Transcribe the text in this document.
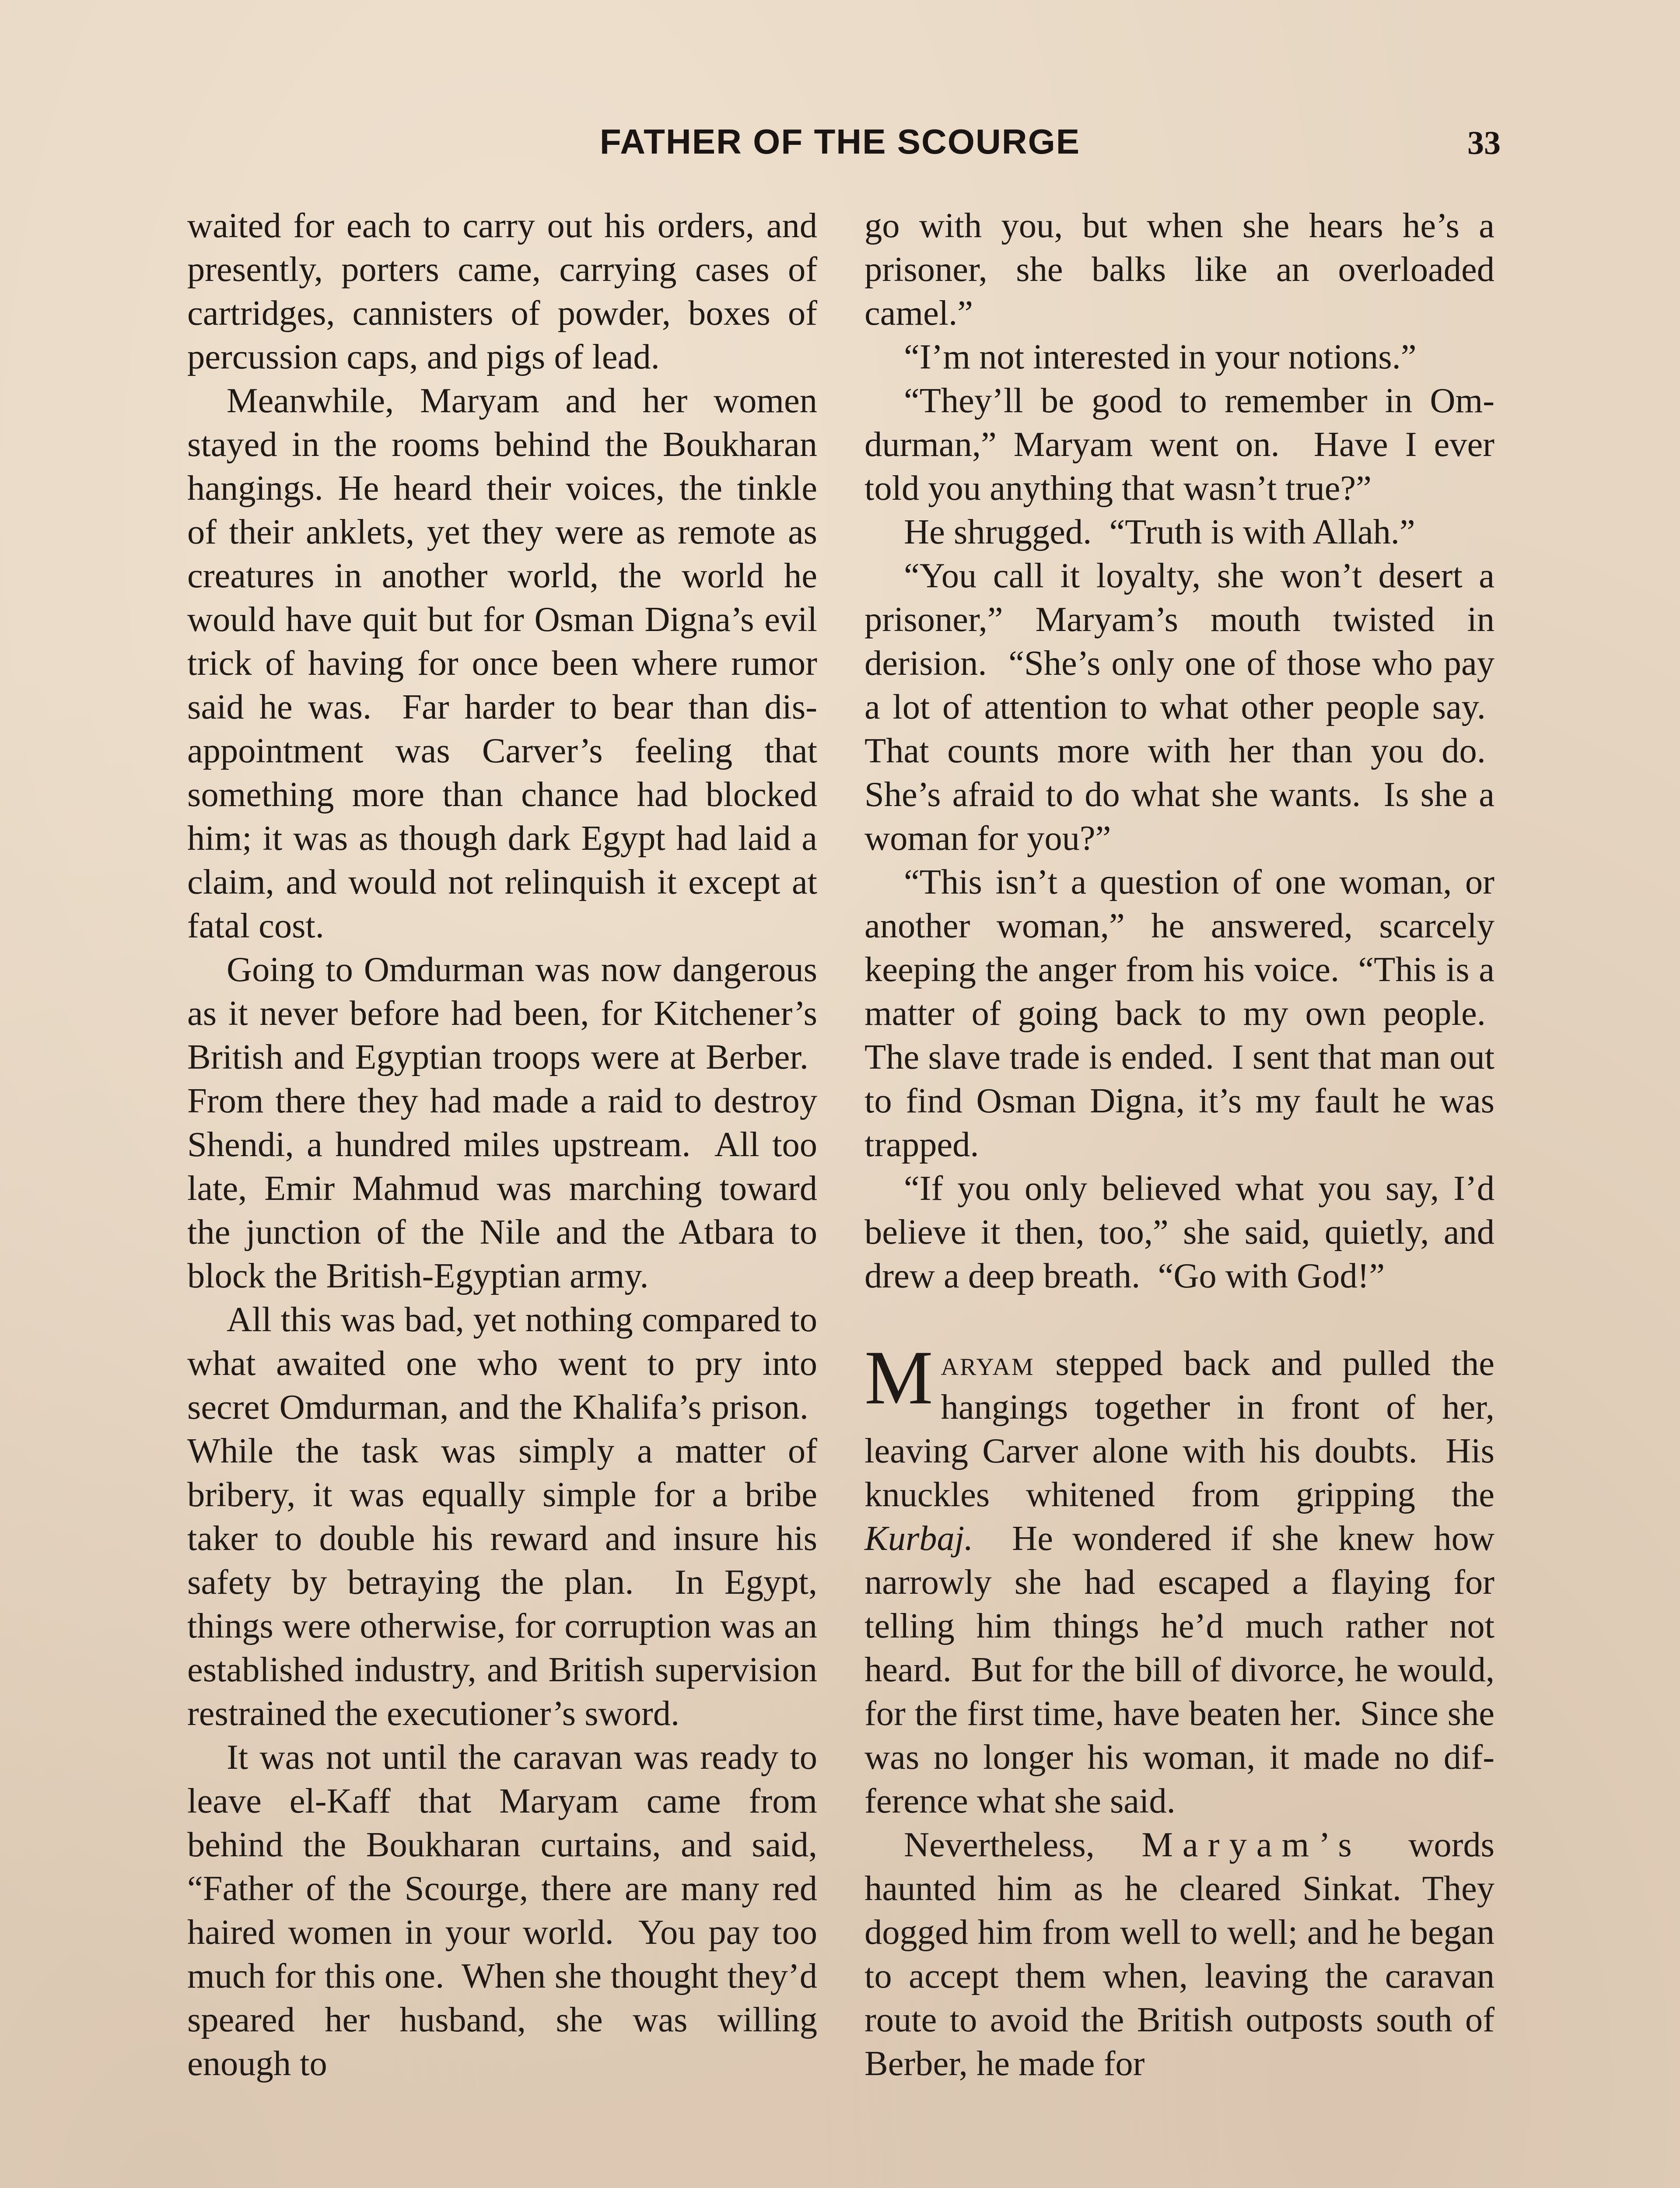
FATHER OF THE SCOURGE	33

waited for each to carry out his orders, and presently, porters came, carrying cases of cartridges, cannisters of powder, boxes of percussion caps, and pigs of lead.

Meanwhile, Maryam and her women stayed in the rooms behind the Boukharan hangings. He heard their voices, the tinkle of their anklets, yet they were as remote as creatures in another world, the world he would have quit but for Osman Digna’s evil trick of having for once been where rumor said he was.  Far harder to bear than disappointment was Carver’s feeling that something more than chance had blocked him; it was as though dark Egypt had laid a claim, and would not relinquish it except at fatal cost.

Going to Omdurman was now dangerous as it never before had been, for Kitchener’s British and Egyptian troops were at Berber.  From there they had made a raid to destroy Shendi, a hundred miles upstream.  All too late, Emir Mahmud was marching toward the junction of the Nile and the Atbara to block the British-Egyptian army.

All this was bad, yet nothing compared to what awaited one who went to pry into secret Omdurman, and the Khalifa’s prison.  While the task was simply a matter of bribery, it was equally simple for a bribe taker to double his reward and insure his safety by betraying the plan.  In Egypt, things were otherwise, for corruption was an established industry, and British supervision restrained the executioner’s sword.

It was not until the caravan was ready to leave el-Kaff that Maryam came from behind the Boukharan curtains, and said, “Father of the Scourge, there are many red haired women in your world.  You pay too much for this one.  When she thought they’d speared her husband, she was willing enough to

go with you, but when she hears he’s a prisoner, she balks like an overloaded camel.”

“I’m not interested in your notions.”

“They’ll be good to remember in Omdurman,” Maryam went on.  Have I ever told you anything that wasn’t true?”

He shrugged.  “Truth is with Allah.”

“You call it loyalty, she won’t desert a prisoner,” Maryam’s mouth twisted in derision.  “She’s only one of those who pay a lot of attention to what other people say.  That counts more with her than you do.  She’s afraid to do what she wants.  Is she a woman for you?”

“This isn’t a question of one woman, or another woman,” he answered, scarcely keeping the anger from his voice.  “This is a matter of going back to my own people.  The slave trade is ended.  I sent that man out to find Osman Digna, it’s my fault he was trapped.

“If you only believed what you say, I’d believe it then, too,” she said, quietly, and drew a deep breath.  “Go with God!”

Maryam stepped back and pulled the hangings together in front of her, leaving Carver alone with his doubts.  His knuckles whitened from gripping the Kurbaj.  He wondered if she knew how narrowly she had escaped a flaying for telling him things he’d much rather not heard.  But for the bill of divorce, he would, for the first time, have beaten her.  Since she was no longer his woman, it made no difference what she said.

Nevertheless, Maryam’s words haunted him as he cleared Sinkat. They dogged him from well to well; and he began to accept them when, leaving the caravan route to avoid the British outposts south of Berber, he made for
